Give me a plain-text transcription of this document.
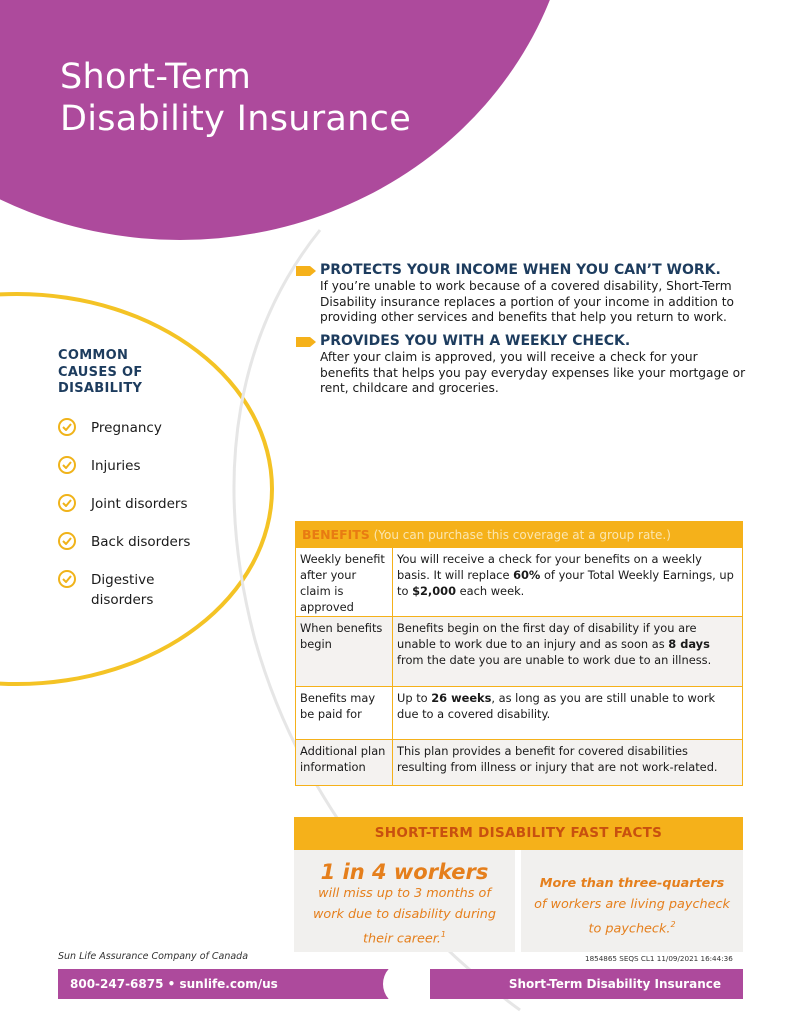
Short-Term
Disability Insurance
PROTECTS YOUR INCOME WHEN YOU CAN’T WORK.
If you’re unable to work because of a covered disability, Short-Term Disability insurance replaces a portion of your income in addition to providing other services and benefits that help you return to work.
PROVIDES YOU WITH A WEEKLY CHECK.
After your claim is approved, you will receive a check for your benefits that helps you pay everyday expenses like your mortgage or rent, childcare and groceries.
COMMON
CAUSES OF
DISABILITY
Pregnancy
Injuries
Joint disorders
Back disorders
Digestive disorders
BENEFITS (You can purchase this coverage at a group rate.)
Weekly benefit after your claim is approved
You will receive a check for your benefits on a weekly basis. It will replace 60% of your Total Weekly Earnings, up to $2,000 each week.
When benefits begin
Benefits begin on the first day of disability if you are unable to work due to an injury and as soon as 8 days from the date you are unable to work due to an illness.
Benefits may be paid for
Up to 26 weeks, as long as you are still unable to work due to a covered disability.
Additional plan information
This plan provides a benefit for covered disabilities resulting from illness or injury that are not work-related.
SHORT-TERM DISABILITY FAST FACTS
1 in 4 workers
will miss up to 3 months of work due to disability during their career.$^1$
More than three-quarters of workers are living paycheck to paycheck.$^2$
Sun Life Assurance Company of Canada	1854865 SEQS CL1 11/09/2021 16:44:36
800-247-6875 • sunlife.com/us	Short-Term Disability Insurance
